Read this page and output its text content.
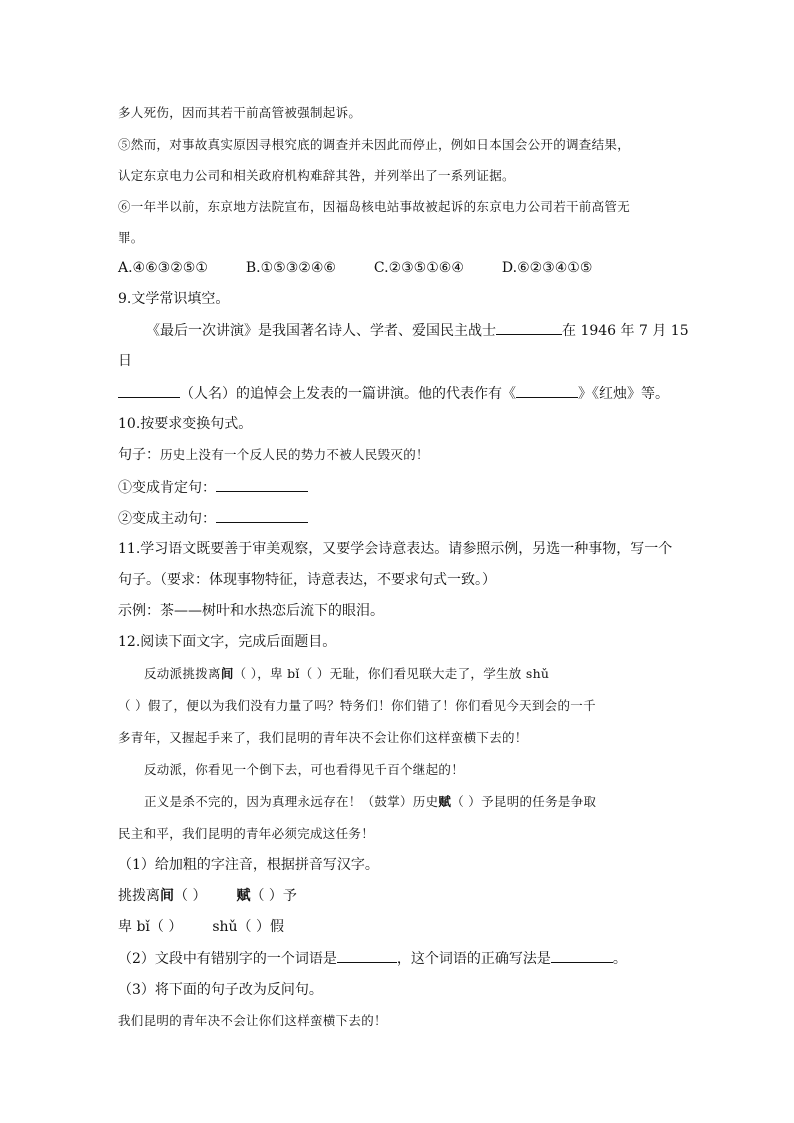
多人死伤，因而其若干前高管被强制起诉。
⑤然而，对事故真实原因寻根究底的调查并未因此而停止，例如日本国会公开的调查结果，
认定东京电力公司和相关政府机构难辞其咎，并列举出了一系列证据。
⑥一年半以前，东京地方法院宣布，因福岛核电站事故被起诉的东京电力公司若干前高管无
罪。
A.④⑥③②⑤①	B.①⑤③②④⑥	C.②③⑤①⑥④	D.⑥②③④①⑤
9.文学常识填空。
《最后一次讲演》是我国著名诗人、学者、爱国民主战士	在 1946 年 7 月 15
日
（人名）的追悼会上发表的一篇讲演。他的代表作有《	》《红烛》等。
10.按要求变换句式。
句子：历史上没有一个反人民的势力不被人民毁灭的！
①变成肯定句：
②变成主动句：
11.学习语文既要善于审美观察，又要学会诗意表达。请参照示例，另选一种事物，写一个
句子。（要求：体现事物特征，诗意表达，不要求句式一致。）
示例：茶——树叶和水热恋后流下的眼泪。
12.阅读下面文字，完成后面题目。
反动派挑拨离间（ ），卑 bǐ（ ）无耻，你们看见联大走了，学生放 shǔ
（ ）假了，便以为我们没有力量了吗？特务们！你们错了！你们看见今天到会的一千
多青年，又握起手来了，我们昆明的青年决不会让你们这样蛮横下去的！
反动派，你看见一个倒下去，可也看得见千百个继起的！
正义是杀不完的，因为真理永远存在！（鼓掌）历史赋（ ）予昆明的任务是争取
民主和平，我们昆明的青年必须完成这任务！
（1）给加粗的字注音，根据拼音写汉字。
挑拨离间（ ） 赋（ ）予
卑 bǐ（ ） shǔ（ ）假
（2）文段中有错别字的一个词语是	，这个词语的正确写法是	。
（3）将下面的句子改为反问句。
我们昆明的青年决不会让你们这样蛮横下去的！
